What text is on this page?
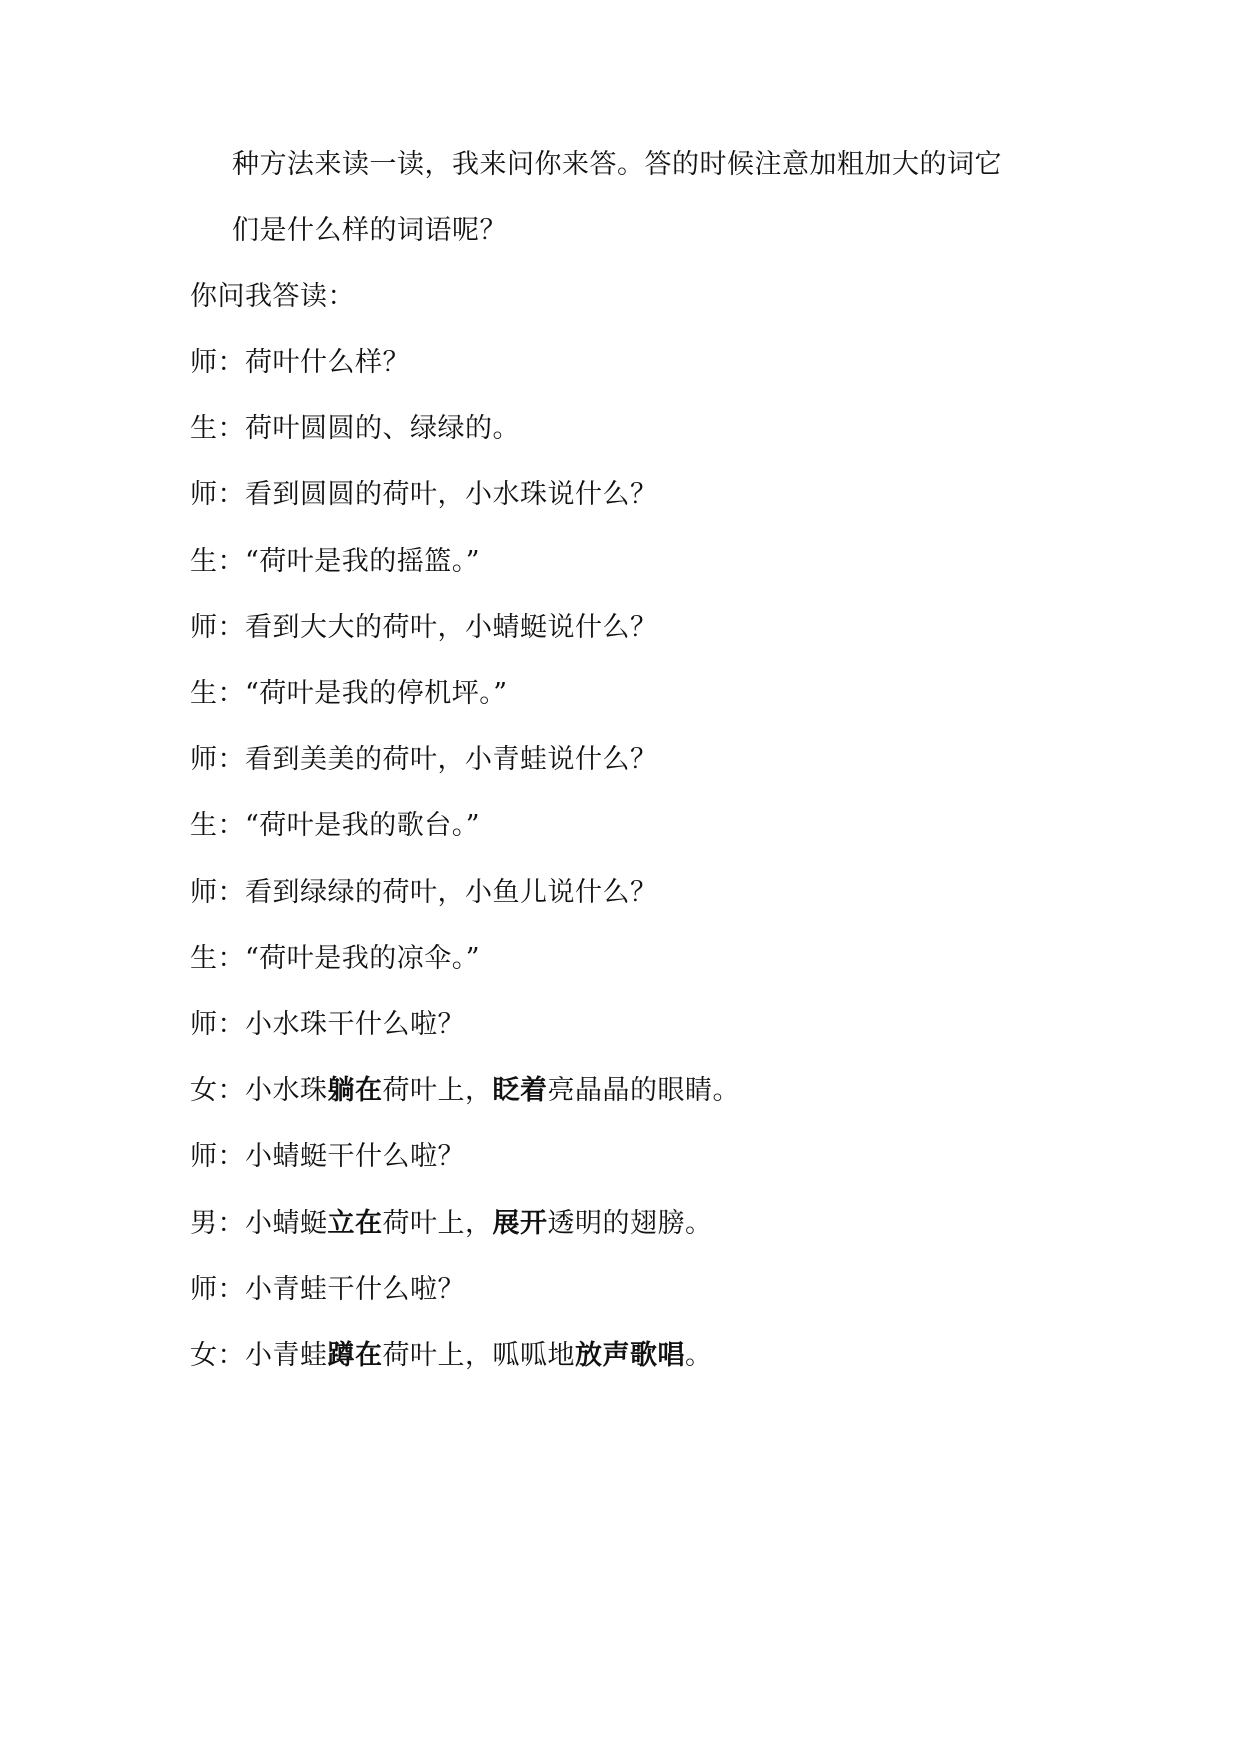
种方法来读一读，我来问你来答。答的时候注意加粗加大的词它
们是什么样的词语呢？
你问我答读：
师：荷叶什么样？
生：荷叶圆圆的、绿绿的。
师：看到圆圆的荷叶，小水珠说什么？
生：“荷叶是我的摇篮。”
师：看到大大的荷叶，小蜻蜓说什么？
生：“荷叶是我的停机坪。”
师：看到美美的荷叶，小青蛙说什么？
生：“荷叶是我的歌台。”
师：看到绿绿的荷叶，小鱼儿说什么？
生：“荷叶是我的凉伞。”
师：小水珠干什么啦？
女：小水珠躺在荷叶上，眨着亮晶晶的眼睛。
师：小蜻蜓干什么啦？
男：小蜻蜓立在荷叶上，展开透明的翅膀。
师：小青蛙干什么啦？
女：小青蛙蹲在荷叶上，呱呱地放声歌唱。
